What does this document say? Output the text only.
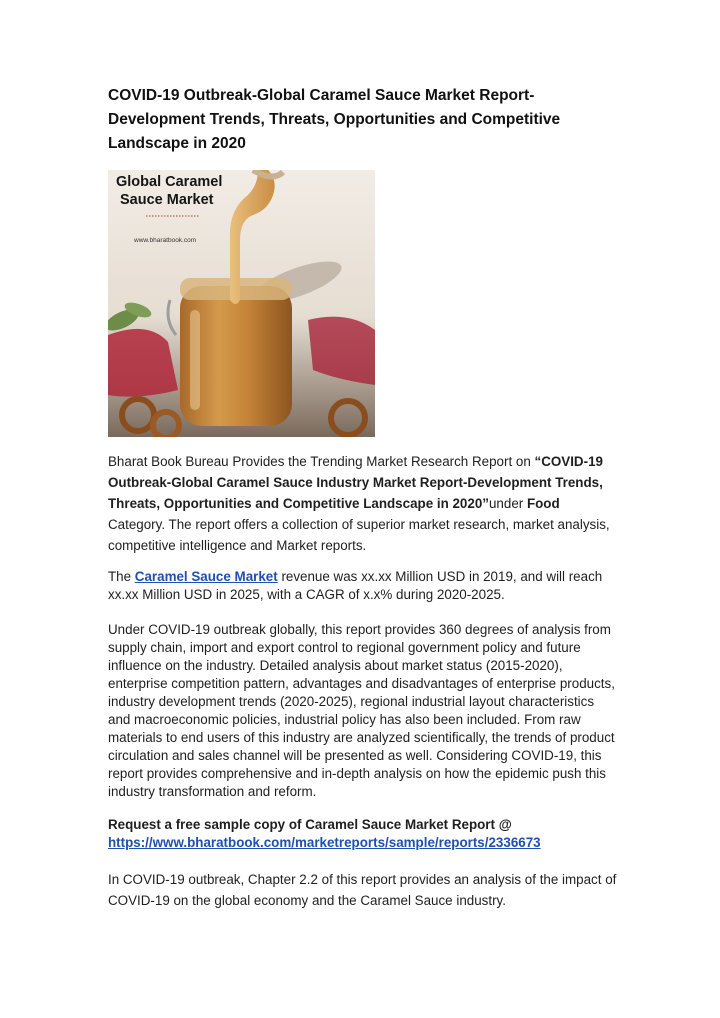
COVID-19 Outbreak-Global Caramel Sauce Market Report- Development Trends, Threats, Opportunities and Competitive Landscape in 2020
Global Caramel
Sauce Market
www.bharatbook.com

Bharat Book Bureau Provides the Trending Market Research Report on “COVID-19 Outbreak-Global Caramel Sauce Industry Market Report-Development Trends, Threats, Opportunities and Competitive Landscape in 2020”under Food Category. The report offers a collection of superior market research, market analysis, competitive intelligence and Market reports.

The Caramel Sauce Market revenue was xx.xx Million USD in 2019, and will reach xx.xx Million USD in 2025, with a CAGR of x.x% during 2020-2025.

Under COVID-19 outbreak globally, this report provides 360 degrees of analysis from supply chain, import and export control to regional government policy and future influence on the industry. Detailed analysis about market status (2015-2020), enterprise competition pattern, advantages and disadvantages of enterprise products, industry development trends (2020-2025), regional industrial layout characteristics and macroeconomic policies, industrial policy has also been included. From raw materials to end users of this industry are analyzed scientifically, the trends of product circulation and sales channel will be presented as well. Considering COVID-19, this report provides comprehensive and in-depth analysis on how the epidemic push this industry transformation and reform.

Request a free sample copy of Caramel Sauce Market Report @
https://www.bharatbook.com/marketreports/sample/reports/2336673

In COVID-19 outbreak, Chapter 2.2 of this report provides an analysis of the impact of COVID-19 on the global economy and the Caramel Sauce industry.
